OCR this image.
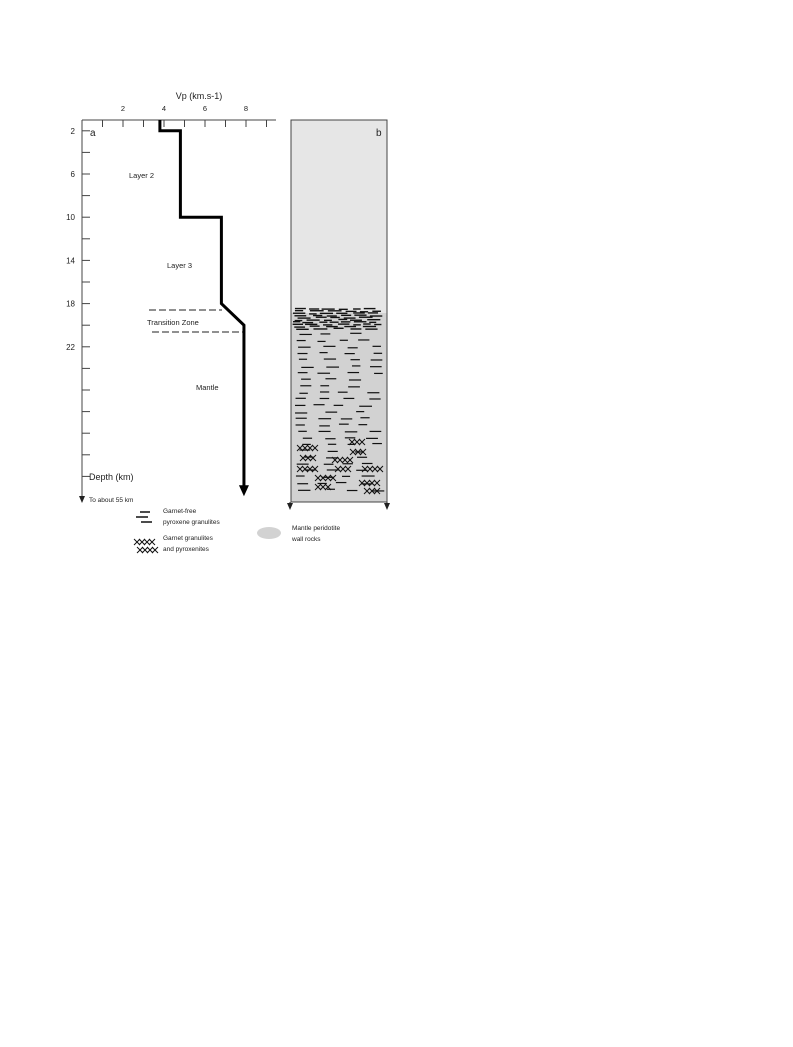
Vp (km.s-1)
2	4	6	8
2
6
10
14
18
22
a
Depth (km)
To about 55 km
Layer 2
Layer 3
Transition Zone
Mantle
b
Garnet-free
pyroxene granulites
Garnet granulites
and pyroxenites
Mantle peridotite
wall rocks
